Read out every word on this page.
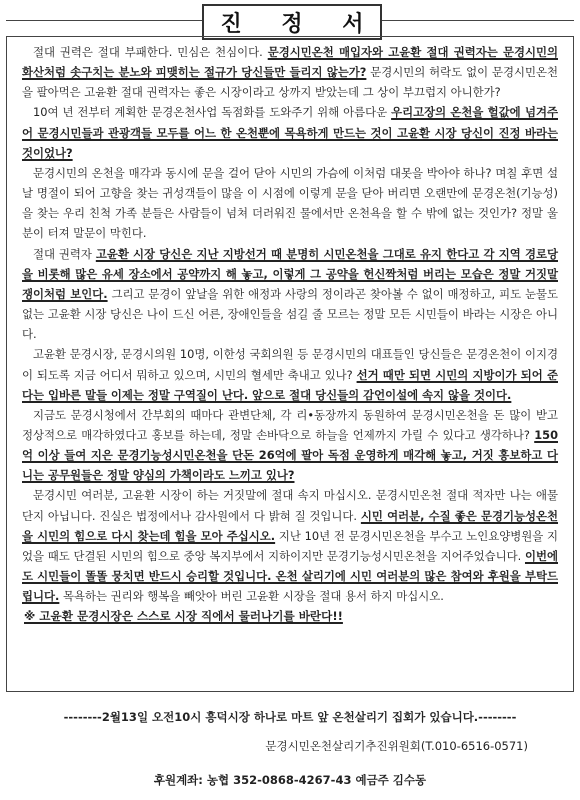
진 정 서

절대 권력은 절대 부패한다. 민심은 천심이다. 문경시민온천 매입자와 고윤환 절대 권력자는 문경시민의 화산처럼 솟구치는 분노와 피맺히는 절규가 당신들만 들리지 않는가? 문경시민의 허락도 없이 문경시민온천을 팔아먹은 고윤환 절대 권력자는 좋은 시장이라고 상까지 받았는데 그 상이 부끄럽지 아니한가?

10여 년 전부터 계획한 문경온천사업 독점화를 도와주기 위해 아름다운 우리고장의 온천을 헐값에 넘겨주어 문경시민들과 관광객들 모두를 어느 한 온천뿐에 목욕하게 만드는 것이 고윤환 시장 당신이 진정 바라는 것이었나?

문경시민의 온천을 매각과 동시에 문을 걸어 닫아 시민의 가슴에 이처럼 대못을 박아야 하나? 며칠 후면 설날 명절이 되어 고향을 찾는 귀성객들이 많을 이 시점에 이렇게 문을 닫아 버리면 오랜만에 문경온천(기능성)을 찾는 우리 친척 가족 분들은 사람들이 넘쳐 더러워진 물에서만 온천욕을 할 수 밖에 없는 것인가? 정말 울분이 터져 말문이 막힌다.

절대 권력자 고윤환 시장 당신은 지난 지방선거 때 분명히 시민온천을 그대로 유지 한다고 각 지역 경로당을 비롯해 많은 유세 장소에서 공약까지 해 놓고, 이렇게 그 공약을 헌신짝처럼 버리는 모습은 정말 거짓말쟁이처럼 보인다. 그리고 문경이 앞날을 위한 애정과 사랑의 정이라곤 찾아볼 수 없이 매정하고, 피도 눈물도 없는 고윤환 시장 당신은 나이 드신 어른, 장애인들을 섬길 줄 모르는 정말 모든 시민들이 바라는 시장은 아니다.

고윤환 문경시장, 문경시의원 10명, 이한성 국회의원 등 문경시민의 대표들인 당신들은 문경온천이 이지경이 되도록 지금 어디서 뭐하고 있으며, 시민의 혈세만 축내고 있나? 선거 때만 되면 시민의 지방이가 되어 준다는 입바른 말들 이제는 정말 구역질이 난다. 앞으로 절대 당신들의 감언이설에 속지 않을 것이다.

지금도 문경시청에서 간부회의 때마다 관변단체, 각 리•동장까지 동원하여 문경시민온천을 돈 많이 받고 정상적으로 매각하였다고 홍보를 하는데, 정말 손바닥으로 하늘을 언제까지 가릴 수 있다고 생각하나? 150억 이상 들여 지은 문경기능성시민온천을 단돈 26억에 팔아 독점 운영하게 매각해 놓고, 거짓 홍보하고 다니는 공무원들은 정말 양심의 가책이라도 느끼고 있나?

문경시민 여러분, 고윤환 시장이 하는 거짓말에 절대 속지 마십시오. 문경시민온천 절대 적자만 나는 애물 단지 아닙니다. 진실은 법정에서나 감사원에서 다 밝혀 질 것입니다. 시민 여러분, 수질 좋은 문경기능성온천을 시민의 힘으로 다시 찾는데 힘을 모아 주십시오. 지난 10년 전 문경시민온천을 부수고 노인요양병원을 지었을 때도 단결된 시민의 힘으로 중앙 복지부에서 지하이지만 문경기능성시민온천을 지어주었습니다. 이번에도 시민들이 똘똘 뭉치면 반드시 승리할 것입니다. 온천 살리기에 시민 여러분의 많은 참여와 후원을 부탁드립니다. 목욕하는 권리와 행복을 빼앗아 버린 고윤환 시장을 절대 용서 하지 마십시오.

※ 고윤환 문경시장은 스스로 시장 직에서 물러나기를 바란다!!

--------2월13일 오전10시 흥덕시장 하나로 마트 앞 온천살리기 집회가 있습니다.--------
문경시민온천살리기추진위원회(T.010-6516-0571)
후원계좌: 농협 352-0868-4267-43 예금주 김수동
